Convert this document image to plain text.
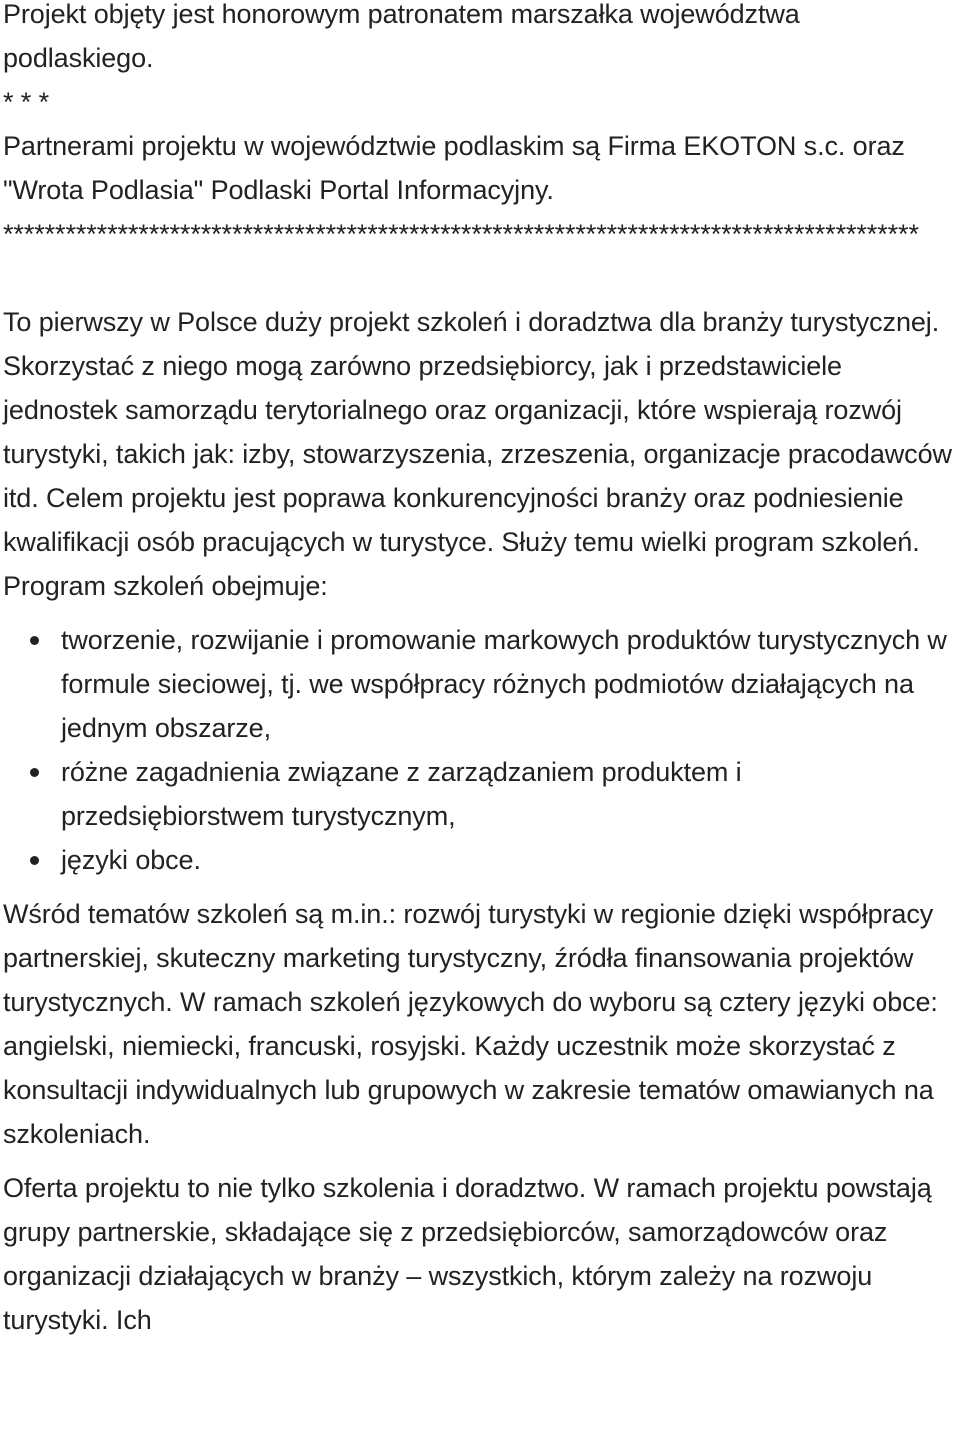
Projekt objęty jest honorowym patronatem marszałka województwa podlaskiego.

* * *

Partnerami projektu w województwie podlaskim są Firma EKOTON s.c. oraz "Wrota Podlasia" Podlaski Portal Informacyjny.

****************************************************************************************

To pierwszy w Polsce duży projekt szkoleń i doradztwa dla branży turystycznej. Skorzystać z niego mogą zarówno przedsiębiorcy, jak i przedstawiciele jednostek samorządu terytorialnego oraz organizacji, które wspierają rozwój turystyki, takich jak: izby, stowarzyszenia, zrzeszenia, organizacje pracodawców itd. Celem projektu jest poprawa konkurencyjności branży oraz podniesienie kwalifikacji osób pracujących w turystyce. Służy temu wielki program szkoleń. Program szkoleń obejmuje:

tworzenie, rozwijanie i promowanie markowych produktów turystycznych w formule sieciowej, tj. we współpracy różnych podmiotów działających na jednym obszarze,
różne zagadnienia związane z zarządzaniem produktem i przedsiębiorstwem turystycznym,
języki obce.

Wśród tematów szkoleń są m.in.: rozwój turystyki w regionie dzięki współpracy partnerskiej, skuteczny marketing turystyczny, źródła finansowania projektów turystycznych. W ramach szkoleń językowych do wyboru są cztery języki obce: angielski, niemiecki, francuski, rosyjski. Każdy uczestnik może skorzystać z konsultacji indywidualnych lub grupowych w zakresie tematów omawianych na szkoleniach.

Oferta projektu to nie tylko szkolenia i doradztwo. W ramach projektu powstają grupy partnerskie, składające się z przedsiębiorców, samorządowców oraz organizacji działających w branży – wszystkich, którym zależy na rozwoju turystyki. Ich
